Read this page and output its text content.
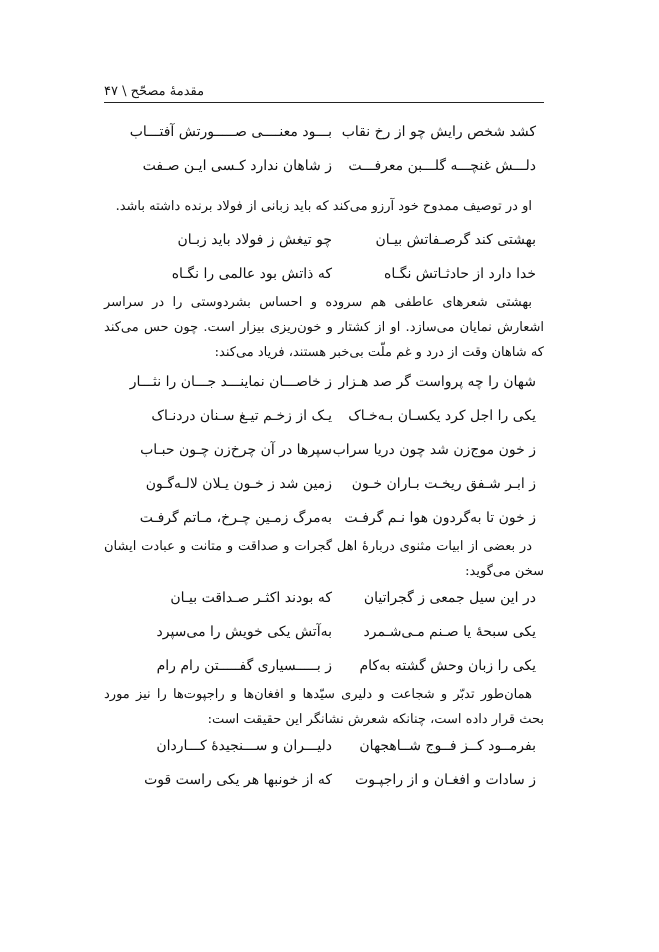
مقدمهٔ مصحّح \ ۴۷
کشد شخص رایش چو از رخ نقاب
بـــود معنــــی صـــــورتش آفتـــاب
دلـــش غنچـــه گلـــبن معرفـــت
ز شاهان ندارد کـسی ایـن صـفت

او در توصیف ممدوح خود آرزو می‌کند که باید زبانی از فولاد برنده داشته باشد.

بهشتی کند گرصـفاتش بیـان
چو تیغش ز فولاد باید زبـان
خدا دارد از حادثـاتش نگـاه
که ذاتش بود عالمی را نگـاه

بهشتی شعرهای عاطفی هم سروده و احساس بشردوستی را در سراسر اشعارش نمایان می‌سازد. او از کشتار و خون‌ریزی بیزار است. چون حس می‌کند که شاهان وقت از درد و غم ملّت بی‌خبر هستند، فریاد می‌کند:

شهان را چه پرواست گر صد هـزار
ز خاصـــان نماینـــد جـــان را نثـــار
یکی را اجل کرد یکسـان بـه‌خـاک
یـک از زخـم تیـغ سـنان دردنـاک
ز خون موج‌زن شد چون دریا سراب
سپرها در آن چرخ‌زن چـون حبـاب
ز ابـر شـفق ریخـت بـاران خـون
زمین شد ز خـون یـلان لالـه‌گـون
ز خون تا به‌گردون هوا نـم گرفـت
به‌مرگ زمـین چـرخ، مـاتم گرفـت

در بعضی از ابیات مثنوی دربارهٔ اهل گجرات و صداقت و متانت و عبادت ایشان سخن می‌گوید:

در این سیل جمعی ز گجراتیان
که بودند اکثـر صـداقت بیـان
یکی سبحهٔ یا صـنم مـی‌شـمرد
به‌آتش یکی خویش را می‌سپرد
یکی را زبان وحش گشته به‌کام
ز بـــــسیاری گفـــــتن رام رام

همان‌طور تدبّر و شجاعت و دلیری سیّدها و افغان‌ها و راجپوت‌ها را نیز مورد بحث قرار داده است، چنانکه شعرش نشانگر این حقیقت است:

بفرمــود کــز فــوج شــاهجهان
دلیـــران و ســـنجیدهٔ کـــاردان
ز سادات و افغـان و از راجپـوت
که از خونبها هر یکی راست قوت
